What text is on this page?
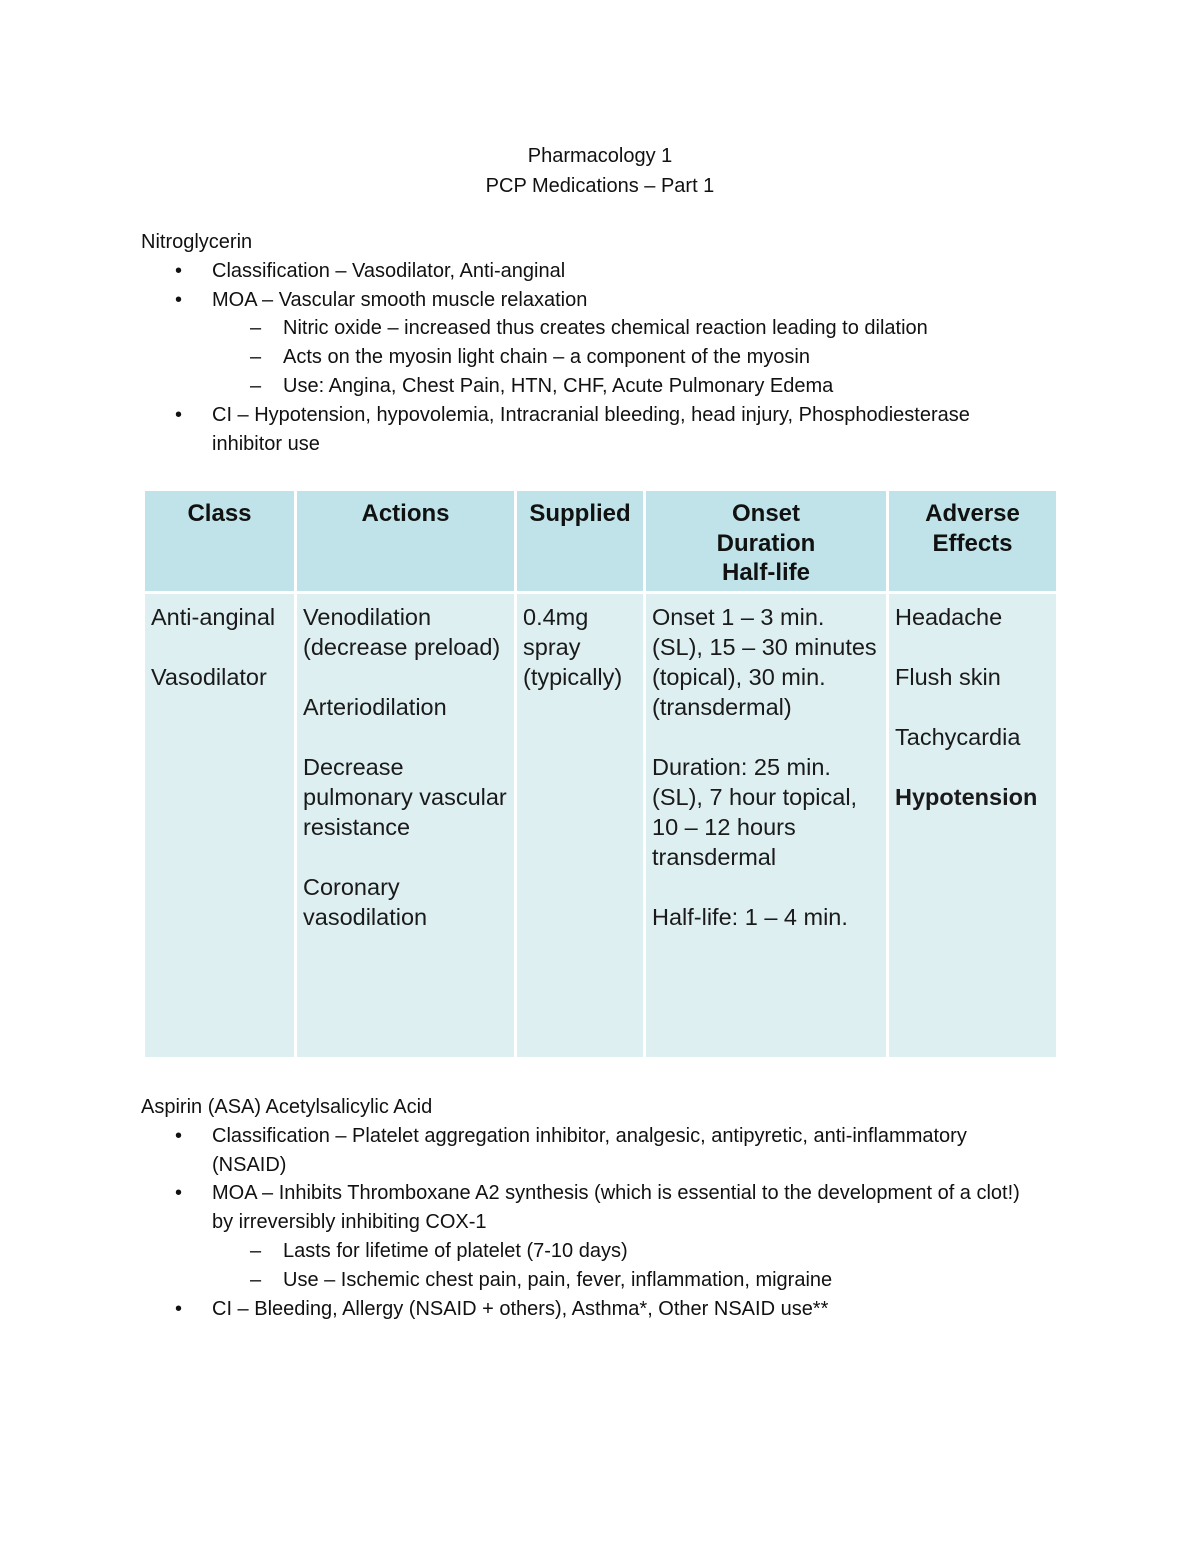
Pharmacology 1
PCP Medications – Part 1
Nitroglycerin
• Classification – Vasodilator, Anti-anginal
• MOA – Vascular smooth muscle relaxation
– Nitric oxide – increased thus creates chemical reaction leading to dilation
– Acts on the myosin light chain – a component of the myosin
– Use: Angina, Chest Pain, HTN, CHF, Acute Pulmonary Edema
• CI – Hypotension, hypovolemia, Intracranial bleeding, head injury, Phosphodiesterase inhibitor use
Class	Actions	Supplied	Onset
Duration
Half-life	Adverse
Effects

Anti-anginal
Vasodilator	Venodilation (decrease preload)
Arteriodilation
Decrease pulmonary vascular resistance
Coronary vasodilation	0.4mg spray (typically)	Onset 1 – 3 min. (SL), 15 – 30 minutes (topical), 30 min. (transdermal)
Duration: 25 min. (SL), 7 hour topical, 10 – 12 hours transdermal
Half-life: 1 – 4 min.	Headache
Flush skin
Tachycardia
Hypotension
Aspirin (ASA) Acetylsalicylic Acid
• Classification – Platelet aggregation inhibitor, analgesic, antipyretic, anti-inflammatory (NSAID)
• MOA – Inhibits Thromboxane A2 synthesis (which is essential to the development of a clot!) by irreversibly inhibiting COX-1
– Lasts for lifetime of platelet (7-10 days)
– Use – Ischemic chest pain, pain, fever, inflammation, migraine
• CI – Bleeding, Allergy (NSAID + others), Asthma*, Other NSAID use**
